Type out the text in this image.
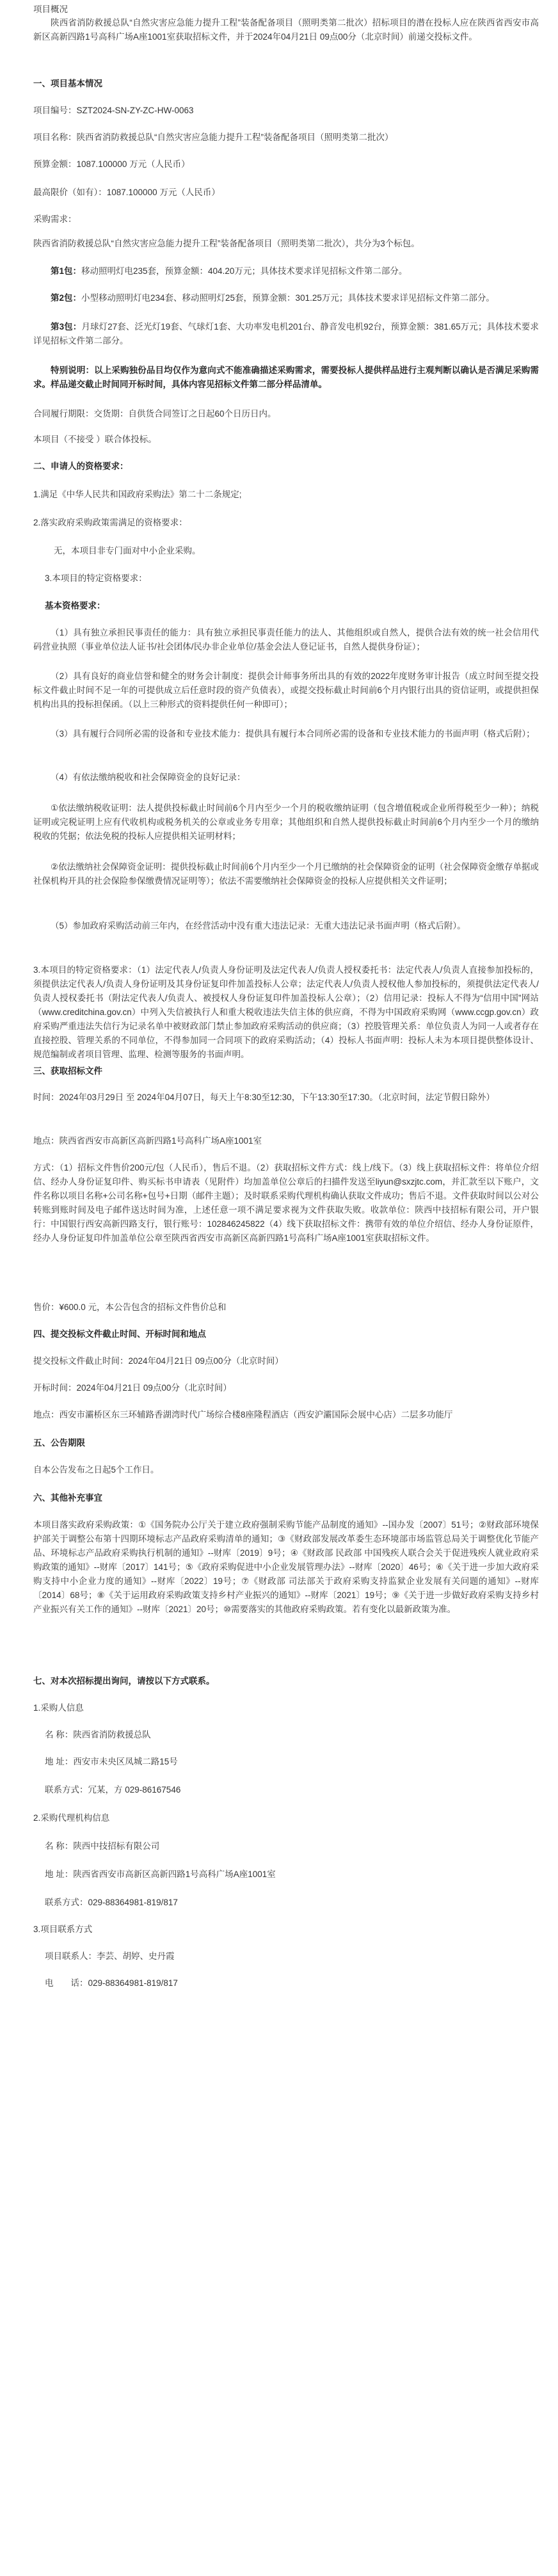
项目概况
陕西省消防救援总队“自然灾害应急能力提升工程”装备配备项目（照明类第二批次）招标项目的潜在投标人应在陕西省西安市高新区高新四路1号高科广场A座1001室获取招标文件，并于2024年04月21日 09点00分（北京时间）前递交投标文件。
一、项目基本情况
项目编号：SZT2024-SN-ZY-ZC-HW-0063
项目名称：陕西省消防救援总队“自然灾害应急能力提升工程”装备配备项目（照明类第二批次）
预算金额：1087.100000 万元（人民币）
最高限价（如有）：1087.100000 万元（人民币）
采购需求：
陕西省消防救援总队“自然灾害应急能力提升工程”装备配备项目（照明类第二批次），共分为3个标包。
第1包：移动照明灯电235套，预算金额：404.20万元；具体技术要求详见招标文件第二部分。
第2包：小型移动照明灯电234套、移动照明灯25套，预算金额：301.25万元；具体技术要求详见招标文件第二部分。
第3包：月球灯27套、泛光灯19套、气球灯1套、大功率发电机201台、静音发电机92台，预算金额：381.65万元；具体技术要求详见招标文件第二部分。
特别说明：以上采购独份品目均仅作为意向式不能准确描述采购需求，需要投标人提供样品进行主观判断以确认是否满足采购需求。样品递交截止时间同开标时间，具体内容见招标文件第二部分样品清单。
合同履行期限：交货期：自供货合同签订之日起60个日历日内。
本项目（不接受 ）联合体投标。
二、申请人的资格要求：
1.满足《中华人民共和国政府采购法》第二十二条规定;
2.落实政府采购政策需满足的资格要求：
无，本项目非专门面对中小企业采购。
3.本项目的特定资格要求：
基本资格要求：
（1）具有独立承担民事责任的能力：具有独立承担民事责任能力的法人、其他组织或自然人，提供合法有效的统一社会信用代码营业执照（事业单位法人证书/社会团体/民办非企业单位/基金会法人登记证书，自然人提供身份证）；
（2）具有良好的商业信誉和健全的财务会计制度：提供会计师事务所出具的有效的2022年度财务审计报告（成立时间至提交投标文件截止时间不足一年的可提供成立后任意时段的资产负债表），或提交投标截止时间前6个月内银行出具的资信证明，或提供担保机构出具的投标担保函。（以上三种形式的资料提供任何一种即可）；
（3）具有履行合同所必需的设备和专业技术能力：提供具有履行本合同所必需的设备和专业技术能力的书面声明（格式后附）；
（4）有依法缴纳税收和社会保障资金的良好记录：
①依法缴纳税收证明：法人提供投标截止时间前6个月内至少一个月的税收缴纳证明（包含增值税或企业所得税至少一种）；纳税证明或完税证明上应有代收机构或税务机关的公章或业务专用章；其他组织和自然人提供投标截止时间前6个月内至少一个月的缴纳税收的凭据；依法免税的投标人应提供相关证明材料；
②依法缴纳社会保障资金证明：提供投标截止时间前6个月内至少一个月已缴纳的社会保障资金的证明（社会保障资金缴存单据或社保机构开具的社会保险参保缴费情况证明等）；依法不需要缴纳社会保障资金的投标人应提供相关文件证明；
（5）参加政府采购活动前三年内，在经营活动中没有重大违法记录：无重大违法记录书面声明（格式后附）。
3.本项目的特定资格要求：（1）法定代表人/负责人身份证明及法定代表人/负责人授权委托书：法定代表人/负责人直接参加投标的，须提供法定代表人/负责人身份证明及其身份证复印件加盖投标人公章；法定代表人/负责人授权他人参加投标的，须提供法定代表人/负责人授权委托书（附法定代表人/负责人、被授权人身份证复印件加盖投标人公章）；（2）信用记录：投标人不得为“信用中国”网站（www.creditchina.gov.cn）中列入失信被执行人和重大税收违法失信主体的供应商，不得为中国政府采购网（www.ccgp.gov.cn）政府采购严重违法失信行为记录名单中被财政部门禁止参加政府采购活动的供应商；（3）控股管理关系：单位负责人为同一人或者存在直接控股、管理关系的不同单位，不得参加同一合同项下的政府采购活动；（4）投标人书面声明：投标人未为本项目提供整体设计、规范编制或者项目管理、监理、检测等服务的书面声明。
三、获取招标文件
时间：2024年03月29日 至 2024年04月07日，每天上午8:30至12:30，下午13:30至17:30。（北京时间，法定节假日除外）
地点：陕西省西安市高新区高新四路1号高科广场A座1001室
方式：（1）招标文件售价200元/包（人民币），售后不退。（2）获取招标文件方式：线上/线下。（3）线上获取招标文件：将单位介绍信、经办人身份证复印件、购买标书申请表（见附件）均加盖单位公章后的扫描件发送至liyun@sxzjtc.com，并汇款至以下账户，文件名称以项目名称+公司名称+包号+日期（邮件主题）；及时联系采购代理机构确认获取文件成功；售后不退。文件获取时间以公对公转账到账时间及电子邮件送达时间为准，上述任意一项不满足要求视为文件获取失败。收款单位：陕西中技招标有限公司，开户银行：中国银行西安高新四路支行，银行账号：102846245822（4）线下获取招标文件：携带有效的单位介绍信、经办人身份证原件，经办人身份证复印件加盖单位公章至陕西省西安市高新区高新四路1号高科广场A座1001室获取招标文件。
售价：¥600.0 元，本公告包含的招标文件售价总和
四、提交投标文件截止时间、开标时间和地点
提交投标文件截止时间：2024年04月21日 09点00分（北京时间）
开标时间：2024年04月21日 09点00分（北京时间）
地点：西安市灞桥区东三环辅路香湖湾时代广场综合楼8座隆程酒店（西安沪灞国际会展中心店）二层多功能厅
五、公告期限
自本公告发布之日起5个工作日。
六、其他补充事宜
本项目落实政府采购政策：①《国务院办公厅关于建立政府强制采购节能产品制度的通知》--国办发〔2007〕51号；②财政部环境保护部关于调整公布第十四期环境标志产品政府采购清单的通知；③《财政部发展改革委生态环境部市场监管总局关于调整优化节能产品、环境标志产品政府采购执行机制的通知》--财库〔2019〕9号；④《财政部 民政部 中国残疾人联合会关于促进残疾人就业政府采购政策的通知》--财库〔2017〕141号；⑤《政府采购促进中小企业发展管理办法》--财库〔2020〕46号；⑥《关于进一步加大政府采购支持中小企业力度的通知》--财库〔2022〕19号；⑦《财政部 司法部关于政府采购支持监狱企业发展有关问题的通知》--财库〔2014〕68号；⑧《关于运用政府采购政策支持乡村产业振兴的通知》--财库〔2021〕19号；⑨《关于进一步做好政府采购支持乡村产业振兴有关工作的通知》--财库〔2021〕20号；⑩需要落实的其他政府采购政策。若有变化以最新政策为准。
七、对本次招标提出询问，请按以下方式联系。
1.采购人信息
名 称：陕西省消防救援总队
地 址：西安市未央区凤城二路15号
联系方式：冗某，方 029-86167546
2.采购代理机构信息
名 称：陕西中技招标有限公司
地 址：陕西省西安市高新区高新四路1号高科广场A座1001室
联系方式：029-88364981-819/817
3.项目联系方式
项目联系人：李芸、胡婷、史丹霞
电　　话：029-88364981-819/817
